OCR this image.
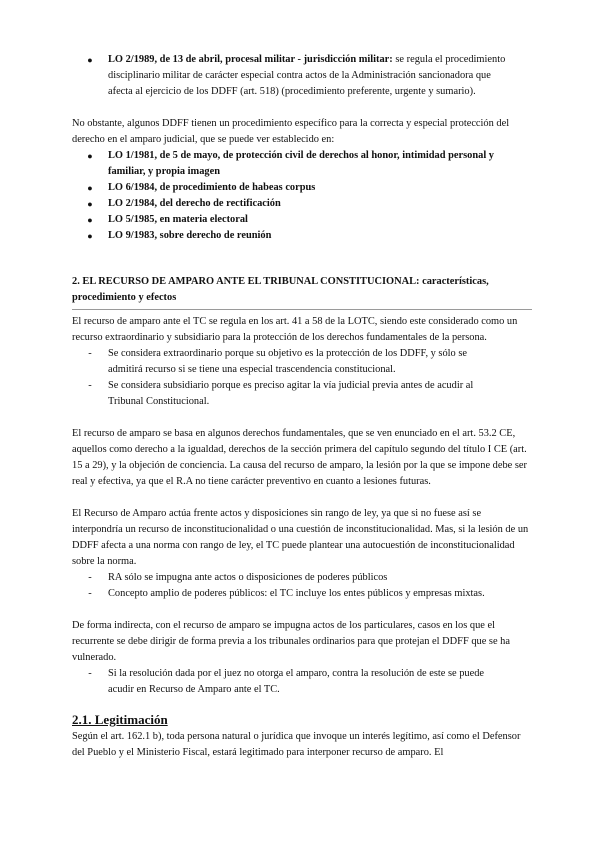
●	LO 2/1989, de 13 de abril, procesal militar - jurisdicción militar: se regula el procedimiento disciplinario militar de carácter especial contra actos de la Administración sancionadora que afecta al ejercicio de los DDFF (art. 518) (procedimiento preferente, urgente y sumario).

No obstante, algunos DDFF tienen un procedimiento específico para la correcta y especial protección del derecho en el amparo judicial, que se puede ver establecido en:

●	LO 1/1981, de 5 de mayo, de protección civil de derechos al honor, intimidad personal y familiar, y propia imagen
●	LO 6/1984, de procedimiento de habeas corpus
●	LO 2/1984, del derecho de rectificación
●	LO 5/1985, en materia electoral
●	LO 9/1983, sobre derecho de reunión

2. EL RECURSO DE AMPARO ANTE EL TRIBUNAL CONSTITUCIONAL: características, procedimiento y efectos

El recurso de amparo ante el TC se regula en los art. 41 a 58 de la LOTC, siendo este considerado como un recurso extraordinario y subsidiario para la protección de los derechos fundamentales de la persona.

-	Se considera extraordinario porque su objetivo es la protección de los DDFF, y sólo se admitirá recurso si se tiene una especial trascendencia constitucional.
-	Se considera subsidiario porque es preciso agitar la vía judicial previa antes de acudir al Tribunal Constitucional.

El recurso de amparo se basa en algunos derechos fundamentales, que se ven enunciado en el art. 53.2 CE, aquellos como derecho a la igualdad, derechos de la sección primera del capítulo segundo del título I CE (art. 15 a 29), y la objeción de conciencia. La causa del recurso de amparo, la lesión por la que se impone debe ser real y efectiva, ya que el R.A no tiene carácter preventivo en cuanto a lesiones futuras.

El Recurso de Amparo actúa frente actos y disposiciones sin rango de ley, ya que si no fuese así se interpondría un recurso de inconstitucionalidad o una cuestión de inconstitucionalidad. Mas, si la lesión de un DDFF afecta a una norma con rango de ley, el TC puede plantear una autocuestión de inconstitucionalidad sobre la norma.

-	RA sólo se impugna ante actos o disposiciones de poderes públicos
-	Concepto amplio de poderes públicos: el TC incluye los entes públicos y empresas mixtas.

De forma indirecta, con el recurso de amparo se impugna actos de los particulares, casos en los que el recurrente se debe dirigir de forma previa a los tribunales ordinarios para que protejan el DDFF que se ha vulnerado.

-	Si la resolución dada por el juez no otorga el amparo, contra la resolución de este se puede acudir en Recurso de Amparo ante el TC.

2.1. Legitimación

Según el art. 162.1 b), toda persona natural o jurídica que invoque un interés legítimo, así como el Defensor del Pueblo y el Ministerio Fiscal, estará legitimado para interponer recurso de amparo. El
